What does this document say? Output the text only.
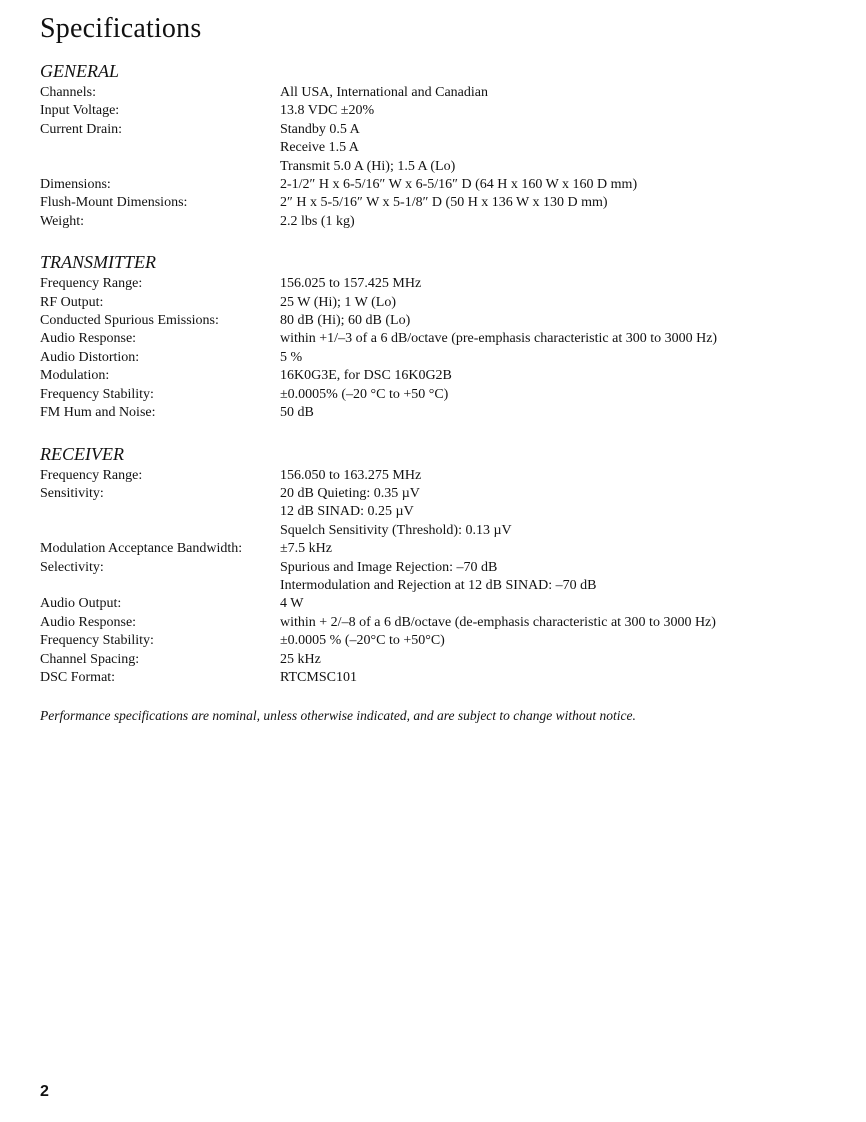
Specifications
GENERAL
Channels:	All USA, International and Canadian
Input Voltage:	13.8 VDC ±20%
Current Drain:	Standby 0.5 A
Receive 1.5 A
Transmit 5.0 A (Hi); 1.5 A (Lo)
Dimensions:	2-1/2″ H x 6-5/16″ W x 6-5/16″ D (64 H x 160 W x 160 D mm)
Flush-Mount Dimensions:	2″ H x 5-5/16″ W x 5-1/8″ D (50 H x 136 W x 130 D mm)
Weight:	2.2 lbs (1 kg)
TRANSMITTER
Frequency Range:	156.025 to 157.425 MHz
RF Output:	25 W (Hi); 1 W (Lo)
Conducted Spurious Emissions:	80 dB (Hi); 60 dB (Lo)
Audio Response:	within +1/–3 of a 6 dB/octave (pre-emphasis characteristic at 300 to 3000 Hz)
Audio Distortion:	5 %
Modulation:	16K0G3E, for DSC 16K0G2B
Frequency Stability:	±0.0005% (–20 °C to +50 °C)
FM Hum and Noise:	50 dB
RECEIVER
Frequency Range:	156.050 to 163.275 MHz
Sensitivity:	20 dB Quieting: 0.35 µV
12 dB SINAD: 0.25 µV
Squelch Sensitivity (Threshold): 0.13 µV
Modulation Acceptance Bandwidth:	±7.5 kHz
Selectivity:	Spurious and Image Rejection: –70 dB
Intermodulation and Rejection at 12 dB SINAD: –70 dB
Audio Output:	4 W
Audio Response:	within + 2/–8 of a 6 dB/octave (de-emphasis characteristic at 300 to 3000 Hz)
Frequency Stability:	±0.0005 % (–20°C to +50°C)
Channel Spacing:	25 kHz
DSC Format:	RTCMSC101
Performance specifications are nominal, unless otherwise indicated, and are subject to change without notice.
2
